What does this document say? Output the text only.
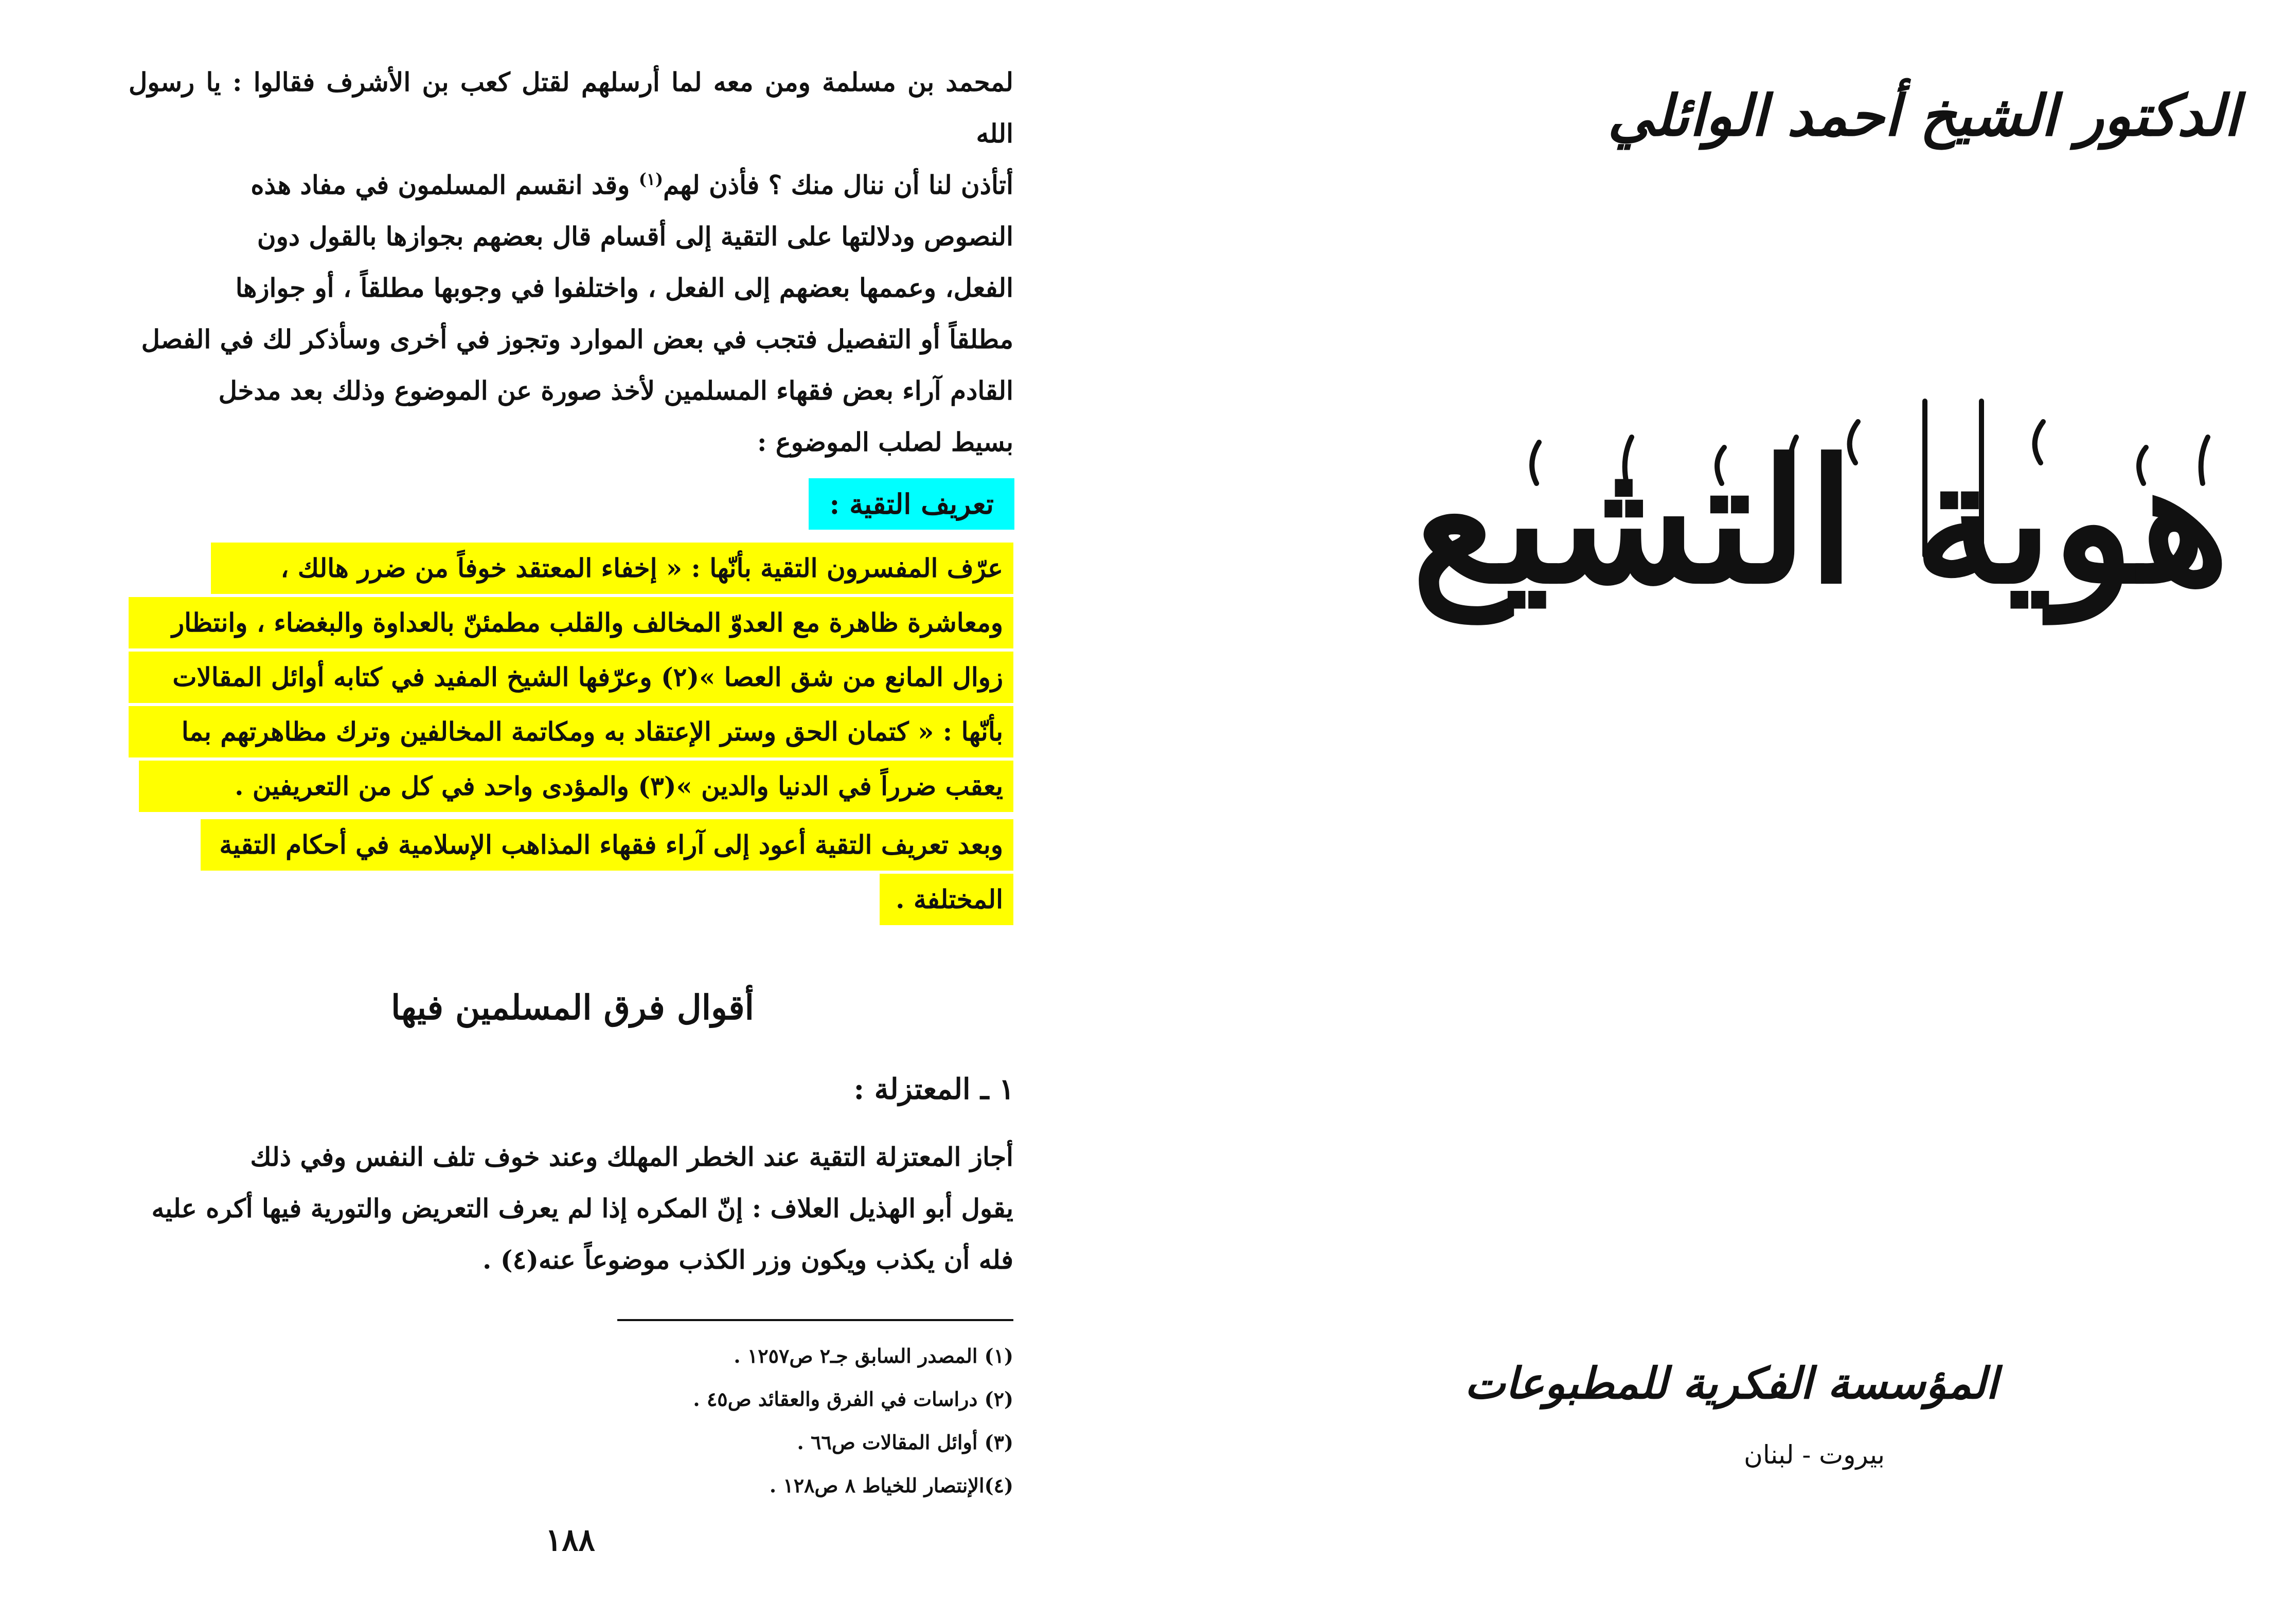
لمحمد بن مسلمة ومن معه لما أرسلهم لقتل كعب بن الأشرف فقالوا : يا رسول الله

أتأذن لنا أن ننال منك ؟ فأذن لهم$^{(١)}$ وقد انقسم المسلمون في مفاد هذه

النصوص ودلالتها على التقية إلى أقسام قال بعضهم بجوازها بالقول دون

الفعل، وعممها بعضهم إلى الفعل ، واختلفوا في وجوبها مطلقاً ، أو جوازها

مطلقاً أو التفصيل فتجب في بعض الموارد وتجوز في أخرى وسأذكر لك في الفصل

القادم آراء بعض فقهاء المسلمين لأخذ صورة عن الموضوع وذلك بعد مدخل

بسيط لصلب الموضوع :

تعريف التقية :
عرّف المفسرون التقية بأنّها : « إخفاء المعتقد خوفاً من ضرر هالك ،
ومعاشرة ظاهرة مع العدوّ المخالف والقلب مطمئنّ بالعداوة والبغضاء ، وانتظار
زوال المانع من شق العصا »(٢) وعرّفها الشيخ المفيد في كتابه أوائل المقالات
بأنّها : « كتمان الحق وستر الإعتقاد به ومكاتمة المخالفين وترك مظاهرتهم بما
يعقب ضرراً في الدنيا والدين »(٣) والمؤدى واحد في كل من التعريفين .
وبعد تعريف التقية أعود إلى آراء فقهاء المذاهب الإسلامية في أحكام التقية
المختلفة .
أقوال فرق المسلمين فيها
١ ـ المعتزلة :

أجاز المعتزلة التقية عند الخطر المهلك وعند خوف تلف النفس وفي ذلك

يقول أبو الهذيل العلاف : إنّ المكره إذا لم يعرف التعريض والتورية فيها أكره عليه

فله أن يكذب ويكون وزر الكذب موضوعاً عنه(٤) .

(١) المصدر السابق جـ٢ ص١٢٥٧ .
(٢) دراسات في الفرق والعقائد ص٤٥ .
(٣) أوائل المقالات ص٦٦ .
(٤)الإنتصار للخياط ٨ ص١٢٨ .
١٨٨
الدكتور الشيخ أحمد الوائلي
هوية التشيع
المؤسسة الفكرية للمطبوعات
بيروت - لبنان
